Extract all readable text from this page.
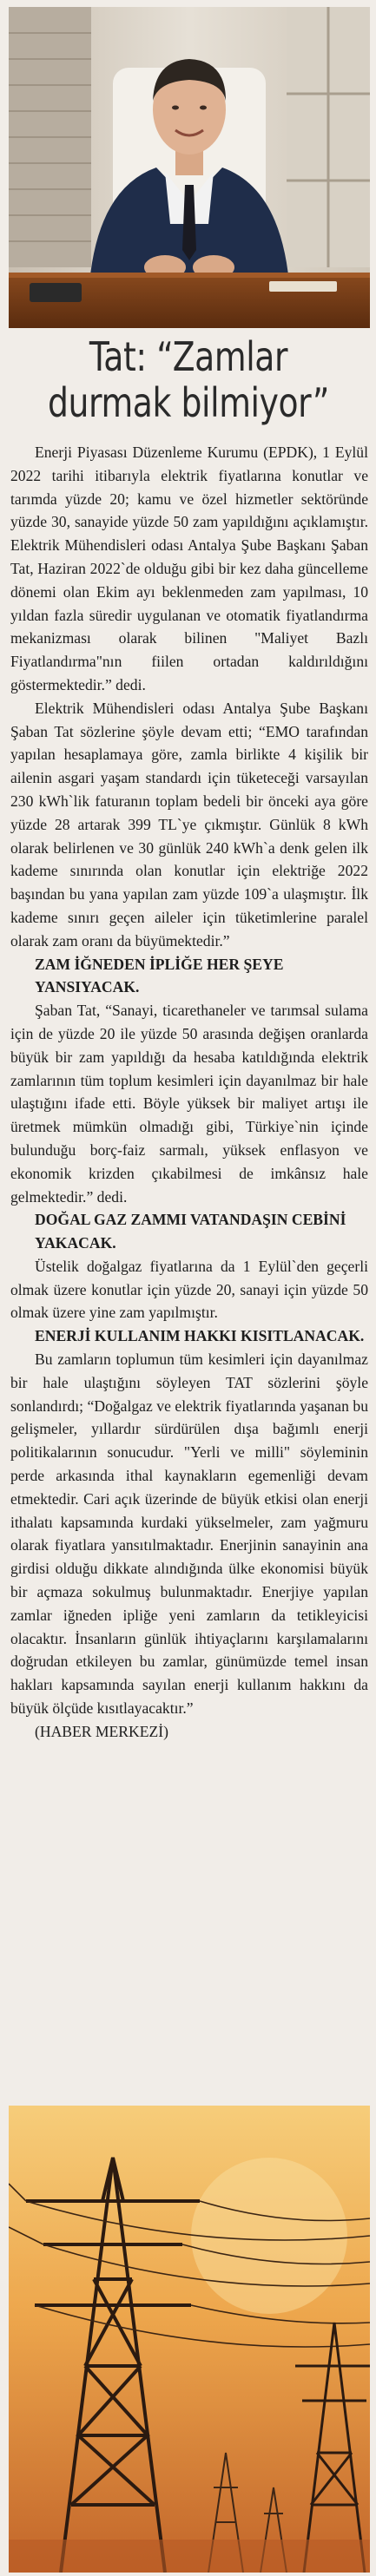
Tat: “Zamlar durmak bilmiyor”

Enerji Piyasası Düzenleme Kurumu (EPDK), 1 Eylül 2022 tarihi itibarıyla elektrik fiyatlarına konutlar ve tarımda yüzde 20; kamu ve özel hizmetler sektöründe yüzde 30, sanayide yüzde 50 zam yapıldığını açıklamıştır. Elektrik Mühendisleri odası Antalya Şube Başkanı Şaban Tat, Haziran 2022`de olduğu gibi bir kez daha güncelleme dönemi olan Ekim ayı beklenmeden zam yapılması, 10 yıldan fazla süredir uygulanan ve otomatik fiyatlandırma mekanizması olarak bilinen "Maliyet Bazlı Fiyatlandırma"nın fiilen ortadan kaldırıldığını göstermektedir.” dedi.

Elektrik Mühendisleri odası Antalya Şube Başkanı Şaban Tat sözlerine şöyle devam etti; “EMO tarafından yapılan hesaplamaya göre, zamla birlikte 4 kişilik bir ailenin asgari yaşam standardı için tüketeceği varsayılan 230 kWh`lik faturanın toplam bedeli bir önceki aya göre yüzde 28 artarak 399 TL`ye çıkmıştır. Günlük 8 kWh olarak belirlenen ve 30 günlük 240 kWh`a denk gelen ilk kademe sınırında olan konutlar için elektriğe 2022 başından bu yana yapılan zam yüzde 109`a ulaşmıştır. İlk kademe sınırı geçen aileler için tüketimlerine paralel olarak zam oranı da büyümektedir.”

ZAM İĞNEDEN İPLİĞE HER ŞEYE YANSIYACAK.

Şaban Tat, “Sanayi, ticarethaneler ve tarımsal sulama için de yüzde 20 ile yüzde 50 arasında değişen oranlarda büyük bir zam yapıldığı da hesaba katıldığında elektrik zamlarının tüm toplum kesimleri için dayanılmaz bir hale ulaştığını ifade etti. Böyle yüksek bir maliyet artışı ile üretmek mümkün olmadığı gibi, Türkiye`nin içinde bulunduğu borç-faiz sarmalı, yüksek enflasyon ve ekonomik krizden çıkabilmesi de imkânsız hale gelmektedir.” dedi.

DOĞAL GAZ ZAMMI VATANDAŞIN CEBİNİ YAKACAK.

Üstelik doğalgaz fiyatlarına da 1 Eylül`den geçerli olmak üzere konutlar için yüzde 20, sanayi için yüzde 50 olmak üzere yine zam yapılmıştır.

ENERJİ KULLANIM HAKKI KISITLANACAK.

Bu zamların toplumun tüm kesimleri için dayanılmaz bir hale ulaştığını söyleyen TAT sözlerini şöyle sonlandırdı; “Doğalgaz ve elektrik fiyatlarında yaşanan bu gelişmeler, yıllardır sürdürülen dışa bağımlı enerji politikalarının sonucudur. "Yerli ve milli" söyleminin perde arkasında ithal kaynakların egemenliği devam etmektedir. Cari açık üzerinde de büyük etkisi olan enerji ithalatı kapsamında kurdaki yükselmeler, zam yağmuru olarak fiyatlara yansıtılmaktadır. Enerjinin sanayinin ana girdisi olduğu dikkate alındığında ülke ekonomisi büyük bir açmaza sokulmuş bulunmaktadır. Enerjiye yapılan zamlar iğneden ipliğe yeni zamların da tetikleyicisi olacaktır. İnsanların günlük ihtiyaçlarını karşılamalarını doğrudan etkileyen bu zamlar, günümüzde temel insan hakları kapsamında sayılan enerji kullanım hakkını da büyük ölçüde kısıtlayacaktır.”

(HABER MERKEZİ)
